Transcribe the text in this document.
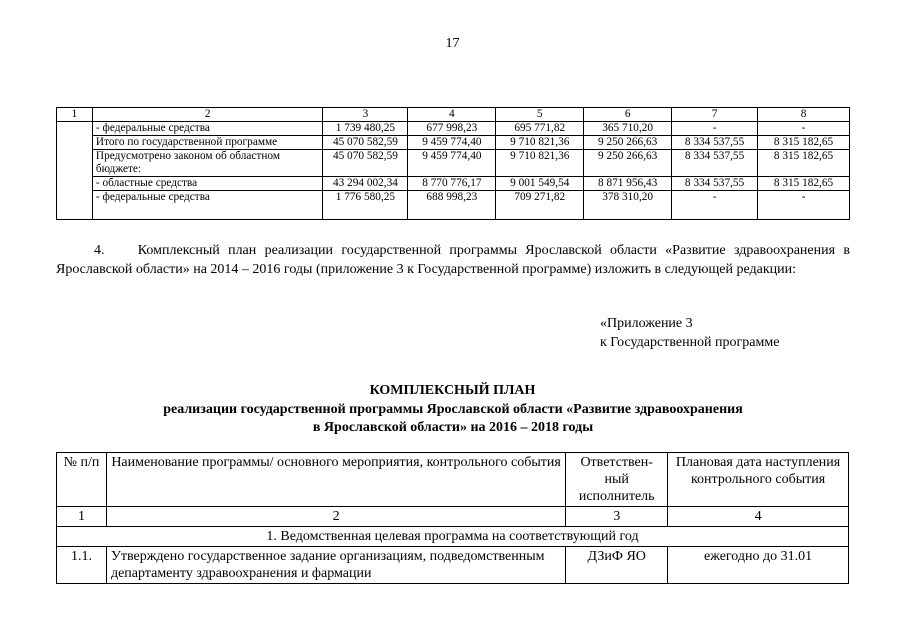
17
1	2	3	4	5	6	7	8
	- федеральные средства	1 739 480,25	677 998,23	695 771,82	365 710,20	-	-
	Итого по государственной программе	45 070 582,59	9 459 774,40	9 710 821,36	9 250 266,63	8 334 537,55	8 315 182,65
	Предусмотрено законом об областном бюджете:	45 070 582,59	9 459 774,40	9 710 821,36	9 250 266,63	8 334 537,55	8 315 182,65
	- областные средства	43 294 002,34	8 770 776,17	9 001 549,54	8 871 956,43	8 334 537,55	8 315 182,65
	- федеральные средства	1 776 580,25	688 998,23	709 271,82	378 310,20	-	-
4.    Комплексный план реализации государственной программы Ярославской области «Развитие здравоохранения в Ярославской области» на 2014 – 2016 годы (приложение 3 к Государственной программе) изложить в следующей редакции:
«Приложение 3
к Государственной программе
КОМПЛЕКСНЫЙ ПЛАН
реализации государственной программы Ярославской области «Развитие здравоохранения
в Ярославской области» на 2016 – 2018 годы
№ п/п	Наименование программы/ основного мероприятия, контрольного события	Ответствен- ный исполнитель	Плановая дата наступления контрольного события
1	2	3	4
1. Ведомственная целевая программа на соответствующий год			
1.1.	Утверждено государственное задание организациям, подведомственным департаменту здравоохранения и фармации	ДЗиФ ЯО	ежегодно до 31.01
